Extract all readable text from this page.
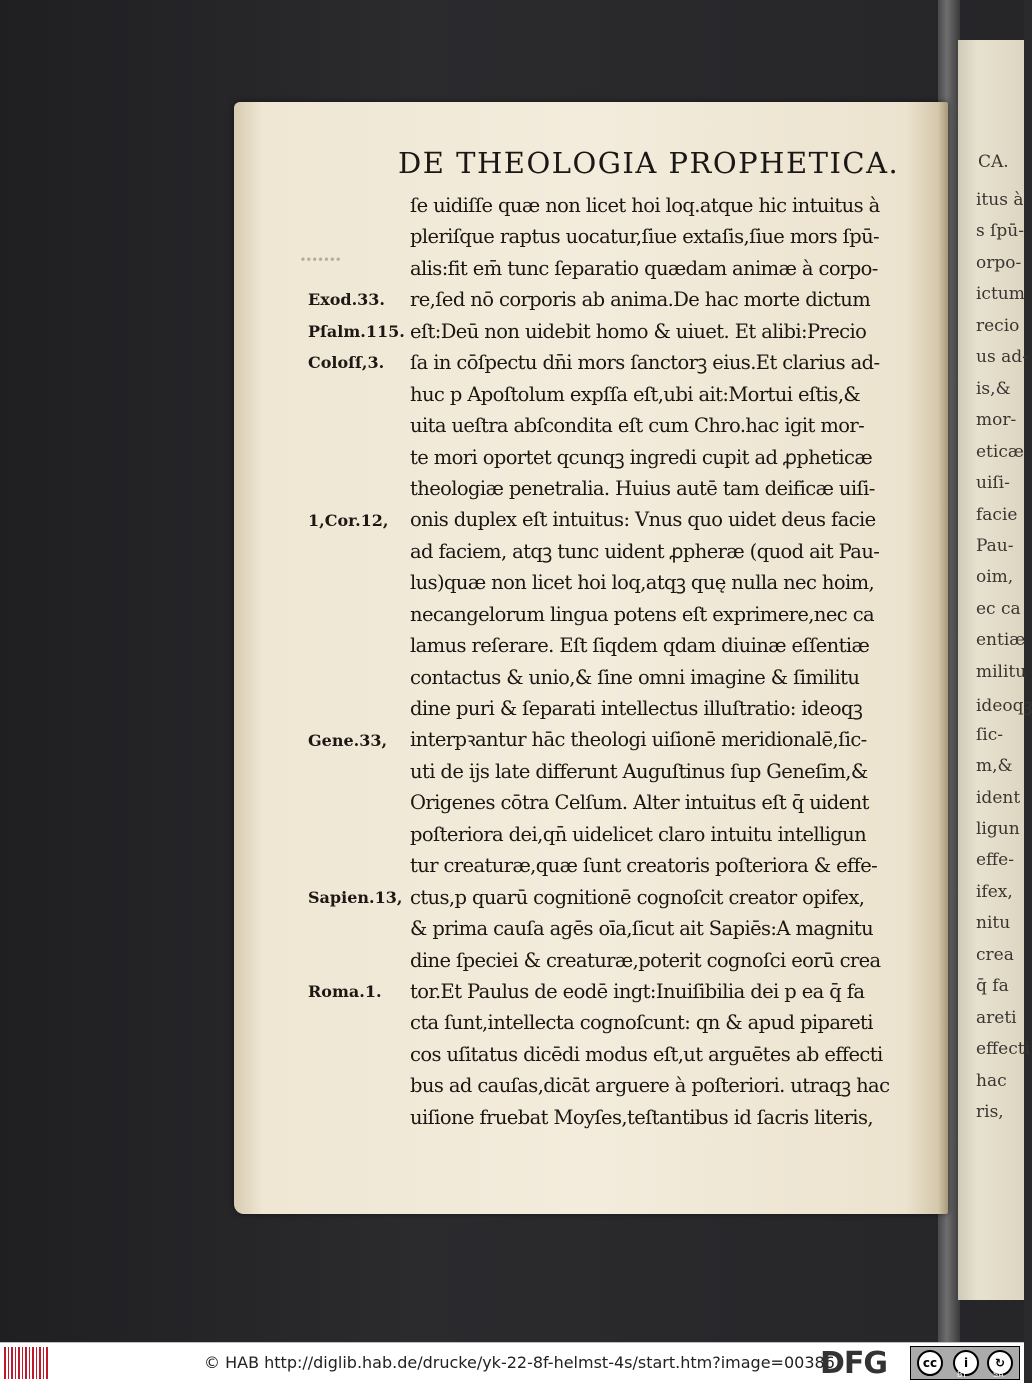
CA.
itus à
s ſpū-
orpo-
ictum
recio
us ad-
is,&
mor-
eticæ
uiſi-
facie
Pau-
oim,
ec ca
entiæ
militu
ideoqꝫ
ſic-
m,&
ident
ligun
effe-
ifex,
nitu
crea
q̄ fa
areti
effecti
hac
ris,
∙∙∙∙∙∙∙
DE THEOLOGIA PROPHETICA.
ſe uidiſſe quæ non licet hoi loq.atque hic intuitus à
pleriſque raptus uocatur,ſiue extaſis,ſiue mors ſpū-
alis:fit em̄ tunc ſeparatio quædam animæ à corpo-
re,ſed nō corporis ab anima.De hac morte dictum
eſt:Deū non uidebit homo & uiuet. Et alibi:Precio
ſa in cōſpectu dn̄i mors ſanctorꝫ eius.Et clarius ad-
huc p Apoſtolum expſſa eſt,ubi ait:Mortui eſtis,&
uita ueſtra abſcondita eſt cum Chro.hac igit mor-
te mori oportet qcunqꝫ ingredi cupit ad ꝓpheticæ
theologiæ penetralia. Huius autē tam deificæ uiſi-
onis duplex eſt intuitus: Vnus quo uidet deus facie
ad faciem, atqꝫ tunc uident ꝓpheræ (quod ait Pau-
lus)quæ non licet hoi loq,atqꝫ quę nulla nec hoim,
necangelorum lingua potens eſt exprimere,nec ca
lamus reſerare. Eſt ſiqdem qdam diuinæ eſſentiæ
contactus & unio,& ſine omni imagine & ſimilitu
dine puri & ſeparati intellectus illuſtratio: ideoqꝫ
interpꝛantur hāc theologi uiſionē meridionalē,ſic-
uti de ijs late differunt Auguſtinus ſup Geneſim,&
Origenes cōtra Celſum. Alter intuitus eſt q̄ uident
poſteriora dei,qn̄ uidelicet claro intuitu intelligun
tur creaturæ,quæ ſunt creatoris poſteriora & effe-
ctus,p quarū cognitionē cognoſcit creator opifex,
& prima cauſa agēs oīa,ſicut ait Sapiēs:A magnitu
dine ſpeciei & creaturæ,poterit cognoſci eorū crea
tor.Et Paulus de eodē ingt:Inuiſibilia dei p ea q̄ fa
cta ſunt,intellecta cognoſcunt: qn & apud pipareti
cos uſitatus dicēdi modus eſt,ut arguētes ab effecti
bus ad cauſas,dicāt arguere à poſteriori. utraqꝫ hac
uiſione fruebat Moyſes,teſtantibus id ſacris literis,
Exod.33.
Pſalm.115.
Coloſſ,3.
1,Cor.12,
Gene.33,
Sapien.13,
Roma.1.
© HAB http://diglib.hab.de/drucke/yk-22-8f-helmst-4s/start.htm?image=00386
DFG	cc	i	↻
BY	SA
